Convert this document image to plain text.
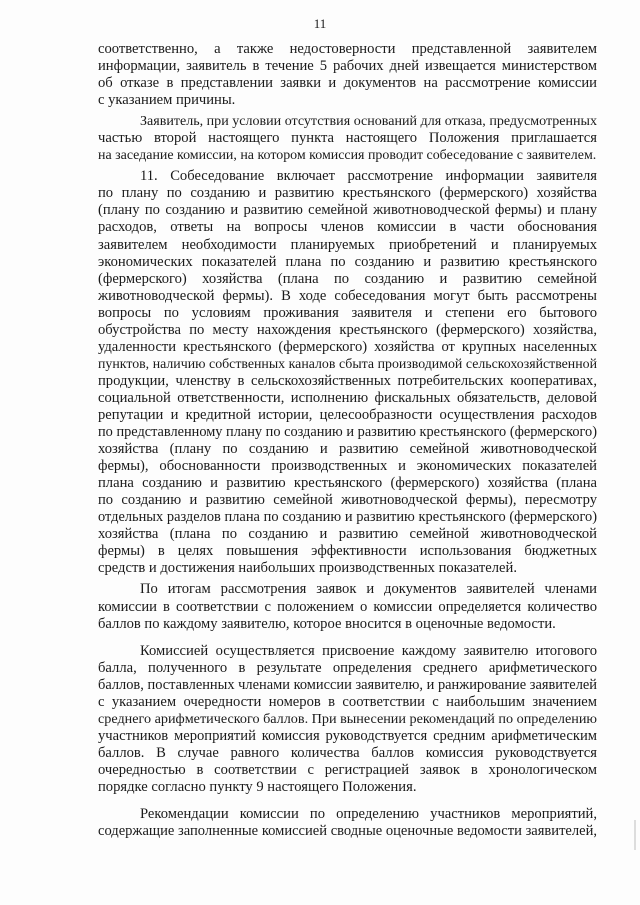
11
соответственно, а также недостоверности представленной заявителем
информации, заявитель в течение 5 рабочих дней извещается министерством
об отказе в представлении заявки и документов на рассмотрение комиссии
с указанием причины.
Заявитель, при условии отсутствия оснований для отказа, предусмотренных
частью второй настоящего пункта настоящего Положения приглашается
на заседание комиссии, на котором комиссия проводит собеседование с заявителем.
11. Собеседование включает рассмотрение информации заявителя
по плану по созданию и развитию крестьянского (фермерского) хозяйства
(плану по созданию и развитию семейной животноводческой фермы) и плану
расходов, ответы на вопросы членов комиссии в части обоснования
заявителем необходимости планируемых приобретений и планируемых
экономических показателей плана по созданию и развитию крестьянского
(фермерского) хозяйства (плана по созданию и развитию семейной
животноводческой фермы). В ходе собеседования могут быть рассмотрены
вопросы по условиям проживания заявителя и степени его бытового
обустройства по месту нахождения крестьянского (фермерского) хозяйства,
удаленности крестьянского (фермерского) хозяйства от крупных населенных
пунктов, наличию собственных каналов сбыта производимой сельскохозяйственной
продукции, членству в сельскохозяйственных потребительских кооперативах,
социальной ответственности, исполнению фискальных обязательств, деловой
репутации и кредитной истории, целесообразности осуществления расходов
по представленному плану по созданию и развитию крестьянского (фермерского)
хозяйства (плану по созданию и развитию семейной животноводческой
фермы), обоснованности производственных и экономических показателей
плана созданию и развитию крестьянского (фермерского) хозяйства (плана
по созданию и развитию семейной животноводческой фермы), пересмотру
отдельных разделов плана по созданию и развитию крестьянского (фермерского)
хозяйства (плана по созданию и развитию семейной животноводческой
фермы) в целях повышения эффективности использования бюджетных
средств и достижения наибольших производственных показателей.
По итогам рассмотрения заявок и документов заявителей членами
комиссии в соответствии с положением о комиссии определяется количество
баллов по каждому заявителю, которое вносится в оценочные ведомости.
Комиссией осуществляется присвоение каждому заявителю итогового
балла, полученного в результате определения среднего арифметического
баллов, поставленных членами комиссии заявителю, и ранжирование заявителей
с указанием очередности номеров в соответствии с наибольшим значением
среднего арифметического баллов. При вынесении рекомендаций по определению
участников мероприятий комиссия руководствуется средним арифметическим
баллов. В случае равного количества баллов комиссия руководствуется
очередностью в соответствии с регистрацией заявок в хронологическом
порядке согласно пункту 9 настоящего Положения.
Рекомендации комиссии по определению участников мероприятий,
содержащие заполненные комиссией сводные оценочные ведомости заявителей,
